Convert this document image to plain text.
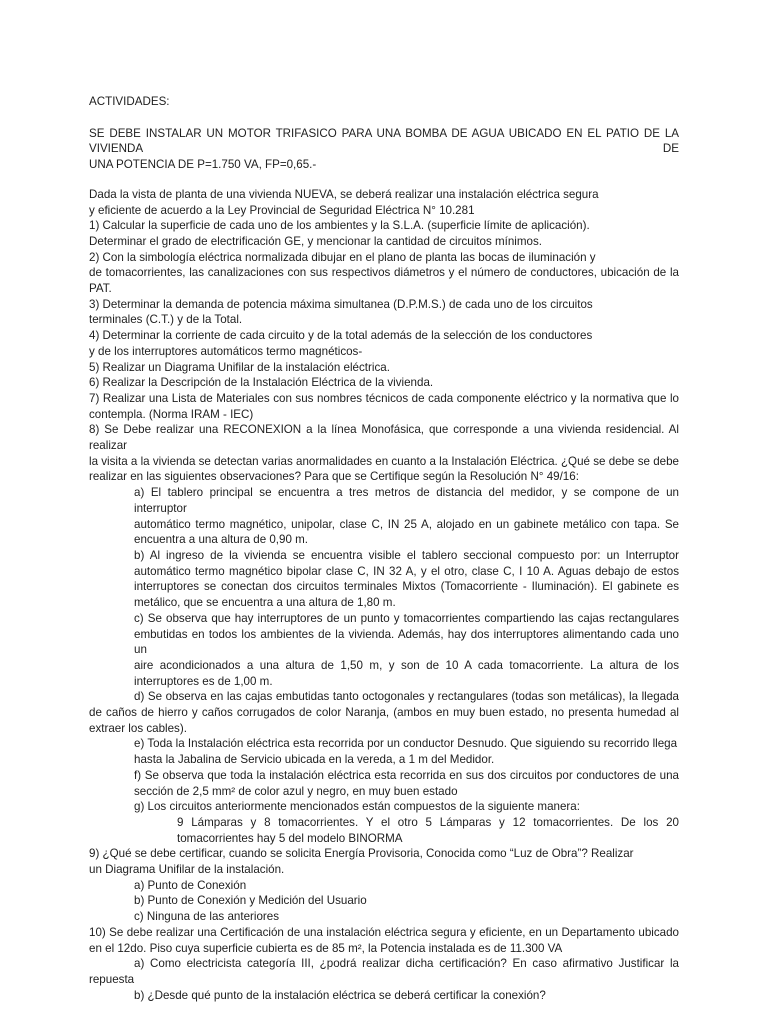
ACTIVIDADES:

SE DEBE INSTALAR UN MOTOR TRIFASICO PARA UNA BOMBA DE AGUA UBICADO EN EL PATIO DE LA VIVIENDA DE

UNA POTENCIA DE P=1.750 VA, FP=0,65.-

Dada la vista de planta de una vivienda NUEVA, se deberá realizar una instalación eléctrica segura

y eficiente de acuerdo a la Ley Provincial de Seguridad Eléctrica N° 10.281

1) Calcular la superficie de cada uno de los ambientes y la S.L.A. (superficie límite de aplicación).

Determinar el grado de electrificación GE, y mencionar la cantidad de circuitos mínimos.

2) Con la simbología eléctrica normalizada dibujar en el plano de planta las bocas de iluminación y

de tomacorrientes, las canalizaciones con sus respectivos diámetros y el número de conductores, ubicación de la

PAT.

3) Determinar la demanda de potencia máxima simultanea (D.P.M.S.) de cada uno de los circuitos

terminales (C.T.) y de la Total.

4) Determinar la corriente de cada circuito y de la total además de la selección de los conductores

y de los interruptores automáticos termo magnéticos-

5) Realizar un Diagrama Unifilar de la instalación eléctrica.

6) Realizar la Descripción de la Instalación Eléctrica de la vivienda.

7) Realizar una Lista de Materiales con sus nombres técnicos de cada componente eléctrico y la normativa que lo

contempla. (Norma IRAM - IEC)

8) Se Debe realizar una RECONEXION a la línea Monofásica, que corresponde a una vivienda residencial. Al realizar

la visita a la vivienda se detectan varias anormalidades en cuanto a la Instalación Eléctrica. ¿Qué se debe se debe

realizar en las siguientes observaciones? Para que se Certifique según la Resolución N° 49/16:

a) El tablero principal se encuentra a tres metros de distancia del medidor, y se compone de un interruptor

automático termo magnético, unipolar, clase C, IN 25 A, alojado en un gabinete metálico con tapa. Se

encuentra a una altura de 0,90 m.

b) Al ingreso de la vivienda se encuentra visible el tablero seccional compuesto por: un Interruptor

automático termo magnético bipolar clase C, IN 32 A, y el otro, clase C, I 10 A. Aguas debajo de estos

interruptores se conectan dos circuitos terminales Mixtos (Tomacorriente - Iluminación). El gabinete es

metálico, que se encuentra a una altura de 1,80 m.

c) Se observa que hay interruptores de un punto y tomacorrientes compartiendo las cajas rectangulares

embutidas en todos los ambientes de la vivienda. Además, hay dos interruptores alimentando cada uno un

aire acondicionados a una altura de 1,50 m, y son de 10 A cada tomacorriente. La altura de los

interruptores es de 1,00 m.

d) Se observa en las cajas embutidas tanto octogonales y rectangulares (todas son metálicas), la llegada

de caños de hierro y caños corrugados de color Naranja, (ambos en muy buen estado, no presenta humedad al

extraer los cables).

e) Toda la Instalación eléctrica esta recorrida por un conductor Desnudo. Que siguiendo su recorrido llega

hasta la Jabalina de Servicio ubicada en la vereda, a 1 m del Medidor.

f) Se observa que toda la instalación eléctrica esta recorrida en sus dos circuitos por conductores de una

sección de 2,5 mm² de color azul y negro, en muy buen estado

g) Los circuitos anteriormente mencionados están compuestos de la siguiente manera:

9 Lámparas y 8 tomacorrientes. Y el otro 5 Lámparas y 12 tomacorrientes. De los 20

tomacorrientes hay 5 del modelo BINORMA

9) ¿Qué se debe certificar, cuando se solicita Energía Provisoria, Conocida como “Luz de Obra”? Realizar

un Diagrama Unifilar de la instalación.

a) Punto de Conexión

b) Punto de Conexión y Medición del Usuario

c) Ninguna de las anteriores

10) Se debe realizar una Certificación de una instalación eléctrica segura y eficiente, en un Departamento ubicado

en el 12do. Piso cuya superficie cubierta es de 85 m², la Potencia instalada es de 11.300 VA

a) Como electricista categoría III, ¿podrá realizar dicha certificación? En caso afirmativo Justificar la

repuesta

b) ¿Desde qué punto de la instalación eléctrica se deberá certificar la conexión?
